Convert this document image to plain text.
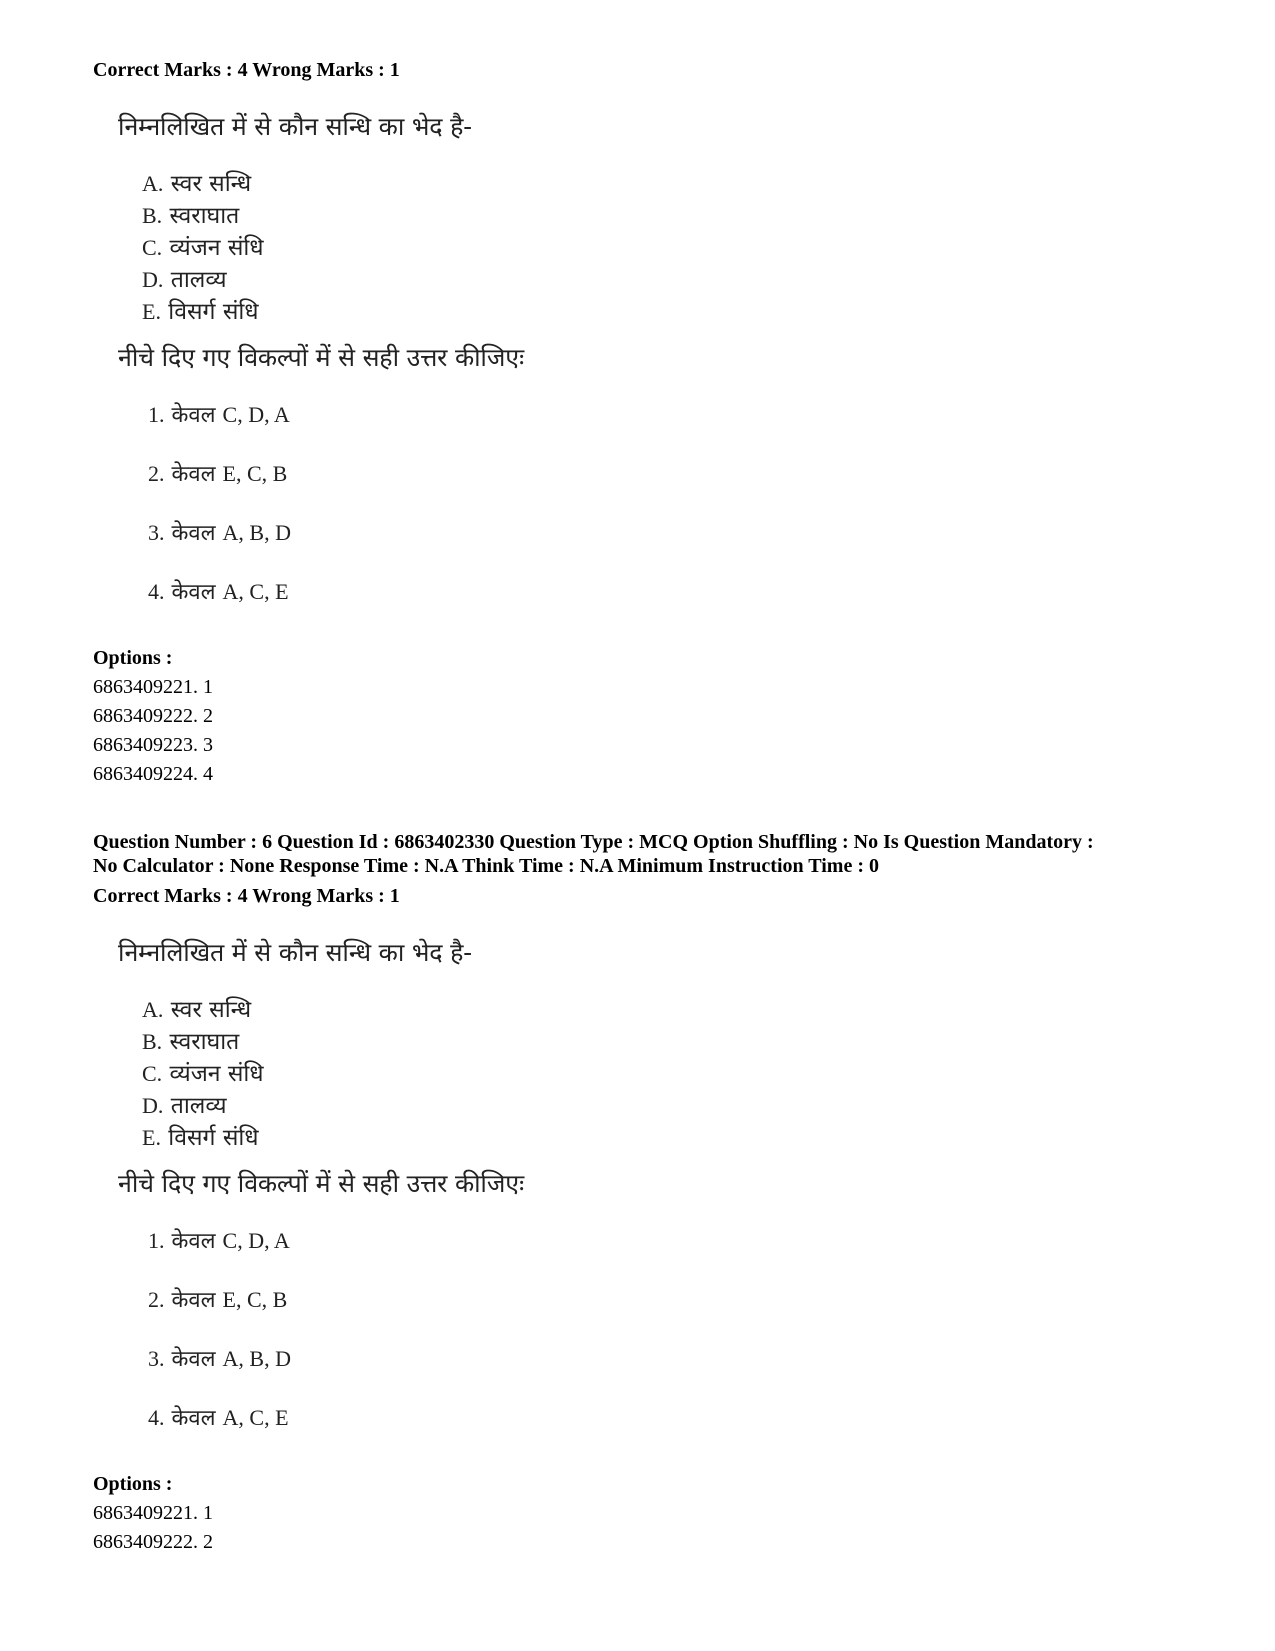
Correct Marks : 4 Wrong Marks : 1

निम्नलिखित में से कौन सन्धि का भेद है-

A. स्वर सन्धि
B. स्वराघात
C. व्यंजन संधि
D. तालव्य
E. विसर्ग संधि

नीचे दिए गए विकल्पों में से सही उत्तर कीजिएः

1. केवल C, D, A
2. केवल E, C, B
3. केवल A, B, D
4. केवल A, C, E

Options :

6863409221. 1
6863409222. 2
6863409223. 3
6863409224. 4

Question Number : 6 Question Id : 6863402330 Question Type : MCQ Option Shuffling : No Is Question Mandatory :

No Calculator : None Response Time : N.A Think Time : N.A Minimum Instruction Time : 0

Correct Marks : 4 Wrong Marks : 1

निम्नलिखित में से कौन सन्धि का भेद है-

A. स्वर सन्धि
B. स्वराघात
C. व्यंजन संधि
D. तालव्य
E. विसर्ग संधि

नीचे दिए गए विकल्पों में से सही उत्तर कीजिएः

1. केवल C, D, A
2. केवल E, C, B
3. केवल A, B, D
4. केवल A, C, E

Options :

6863409221. 1
6863409222. 2
